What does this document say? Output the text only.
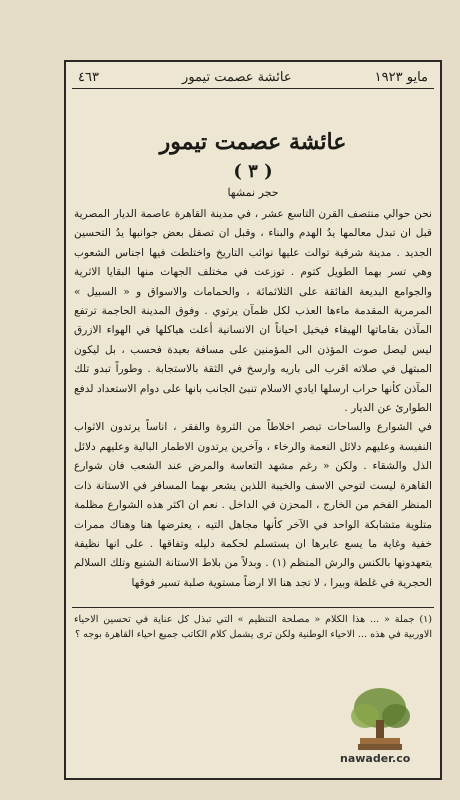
مايو ١٩٢٣
عائشة عصمت تيمور
٤٦٣
عائشة عصمت تيمور
( ٣ )
حجر نمشها

نحن حوالي منتصف القرن التاسع عشر ، في مدينة القاهرة عاصمة الديار المصرية قبل ان تبدل معالمها يدُ الهدم والبناء ، وقبل ان تصقل بعض جوانبها يدُ التحسين الجديد . مدينة شرقية توالت عليها نوائب التاريخ واختلطت فيها اجناس الشعوب وهي تسر بهما الطويل كتوم . توزعت في مختلف الجهات منها البقايا الاثرية والجوامع البديعة الفائقة على الثلاثمائة ، والحمامات والاسواق و « السبيل » المرمرية المقدمة ماءها العذب لكل ظمآن يرتوي . وفوق المدينة الحاجمة ترتفع المآذن بقاماتها الهيفاء فيخيل احياناً ان الانسانية أعلت هياكلها في الهواء الازرق ليس ليصل صوت المؤذن الى المؤمنين على مسافة بعيدة فحسب ، بل ليكون المبتهل في صلاته اقرب الى باريه وارسخ في الثقة بالاستجابة . وطوراً تبدو تلك المآذن كأنها حراب ارسلها ايادي الاسلام تنبئ الجانب بانها على دوام الاستعداد لدفع الطوارئ عن الديار .

في الشوارع والساحات تبصر اخلاطاً من الثروة والفقر ، اناساً يرتدون الاثواب النفيسة وعليهم دلائل النعمة والرخاء ، وآخرين يرتدون الاطمار البالية وعليهم دلائل الذل والشقاء . ولكن « رغم مشهد التعاسة والمرض عند الشعب فان شوارع القاهرة ليست لتوحي الاسف والخيبة اللذين يشعر بهما المسافر في الاستانة ذات المنظر الفخم من الخارج ، المحزن في الداخل . نعم ان اكثر هذه الشوارع مظلمة متلوية متشابكة الواحد في الآخر كأنها مجاهل التيه ، يعترضها هنا وهناك ممرات خفية وغاية ما يسع عابرها ان يستسلم لحكمة دليله وتفاقها . على انها نظيفة يتعهدونها بالكنس والرش المنظم (١) . وبدلاً من بلاط الاستانة الشنيع وتلك السلالم الحجرية في غلطة وبيرا ، لا تجد هنا الا ارضاً مستوية صلبة تسير فوقها

(١) جملة « ... هذا الكلام « مصلحة التنظيم » التي تبذل كل عناية في تحسين الاحياء الاوربية في هذه ... الاحياء الوطنية ولكن ترى يشمل كلام الكاتب جميع احياء القاهرة بوجه ؟
nawader.co
